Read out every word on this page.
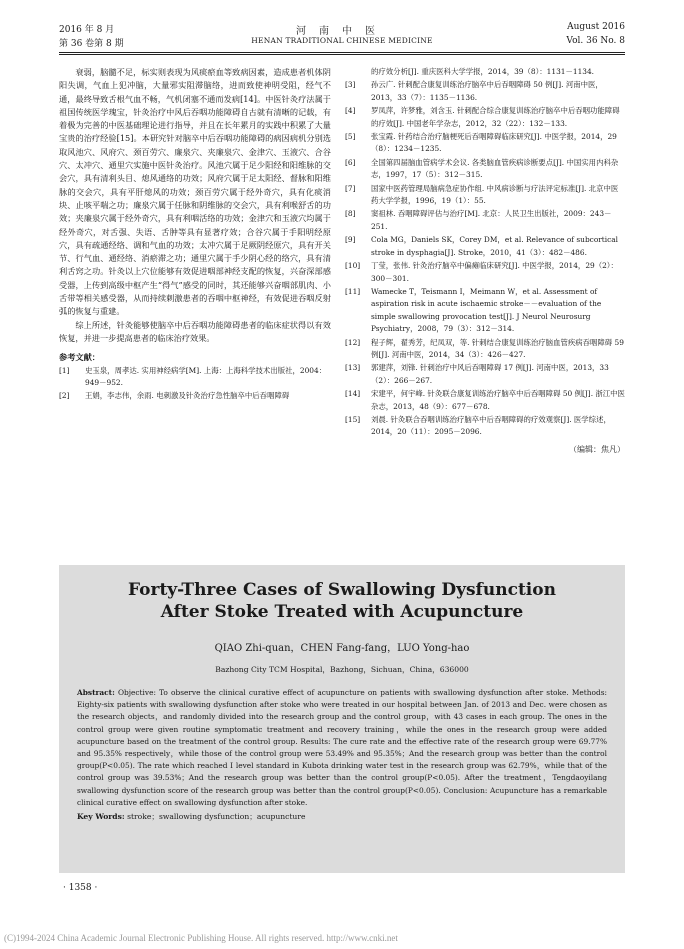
2016 年 8 月	河南中医	August 2016
第 36 卷第 8 期	HENAN TRADITIONAL CHINESE MEDICINE	Vol. 36 No. 8

衰弱，脑髓不足，标实则表现为风痰瘀血等致病因素，造成患者机体阴阳失调，气血上犯冲脑，大量邪实阻滞脑络，进而致使神明受阻，经气不通，最终导致舌根气血不畅，气机闭塞不通而发病[14]。中医针灸疗法属于祖国传统医学瑰宝，针灸治疗中风后吞咽功能障碍自古就有清晰的记载，有着极为完善的中医基础理论进行指导，并且在长年累月的实践中积累了大量宝贵的治疗经验[15]。本研究针对脑卒中后吞咽功能障碍的病因病机分别选取风池穴、风府穴、颈百劳穴、廉泉穴、夹廉泉穴、金津穴、玉液穴、合谷穴、太冲穴、通里穴实施中医针灸治疗。风池穴属于足少阳经和阳维脉的交会穴，具有清利头目、熄风通络的功效；风府穴属于足太阳经、督脉和阳维脉的交会穴，具有平肝熄风的功效；颈百劳穴属于经外奇穴，具有化痰消块、止咳平喘之功；廉泉穴属于任脉和阴维脉的交会穴，具有利喉舒舌的功效；夹廉泉穴属于经外奇穴，具有利咽活络的功效；金津穴和玉液穴均属于经外奇穴，对舌强、失语、舌肿等具有显著疗效；合谷穴属于手阳明经原穴，具有疏通经络、调和气血的功效；太冲穴属于足厥阴经原穴，具有开关节、行气血、通经络、消瘀滞之功；通里穴属于手少阴心经的络穴，具有清利舌窍之功。针灸以上穴位能够有效促进咽部神经支配的恢复，兴奋深部感受器，上传到高级中枢产生“得气”感受的同时，其还能够兴奋咽部肌肉、小舌带等相关感受器，从而持续刺激患者的吞咽中枢神经，有效促进吞咽反射弧的恢复与重建。

综上所述，针灸能够使脑卒中后吞咽功能障碍患者的临床症状得以有效恢复，并进一步提高患者的临床治疗效果。

参考文献：
[1]	史玉泉，周孝达. 实用神经病学[M]. 上海：上海科学技术出版社，2004：949－952.
[2]	王娟，李志伟，余雨. 电刺激及针灸治疗急性脑卒中后吞咽障碍
的疗效分析[J]. 重庆医科大学学报，2014，39（8）：1131－1134.
[3]	孙云广. 针刺配合康复训练治疗脑卒中后吞咽障碍 50 例[J]. 河南中医，2013，33（7）：1135－1136.
[4]	罗凤萍，许梦雅，刘含玉. 针刺配合综合康复训练治疗脑卒中后吞咽功能障碍的疗效[J]. 中国老年学杂志，2012，32（22）：132－133.
[5]	张宝霞. 针药结合治疗脑梗死后吞咽障碍临床研究[J]. 中医学报，2014，29（8）：1234－1235.
[6]	全国第四届脑血管病学术会议. 各类脑血管疾病诊断要点[J]. 中国实用内科杂志，1997，17（5）：312－315.
[7]	国家中医药管理局脑病急症协作组. 中风病诊断与疗法评定标准[J]. 北京中医药大学学报，1996，19（1）：55.
[8]	窦祖林. 吞咽障碍评估与治疗[M]. 北京：人民卫生出版社，2009：243－251.
[9]	Cola MG，Daniels SK，Corey DM，et al. Relevance of subcortical stroke in dysphagia[J]. Stroke，2010，41（3）：482－486.
[10]	丁莹，张伟. 针灸治疗脑卒中偏瘫临床研究[J]. 中医学报，2014，29（2）：300－301.
[11]	Wamecke T，Teismann I，Meimann W，et al. Assessment of aspiration risk in acute ischaemic stroke－－evaluation of the simple swallowing provocation test[J]. J Neurol Neurosurg Psychiatry，2008，79（3）：312－314.
[12]	程子辉，翟秀芳，纪凤双，等. 针刺结合康复训练治疗脑血管疾病吞咽障碍 59 例[J]. 河南中医，2014，34（3）：426－427.
[13]	郭建萍，刘锋. 针刺治疗中风后吞咽障碍 17 例[J]. 河南中医，2013，33（2）：266－267.
[14]	宋建平，何宇峰. 针灸联合康复训练治疗脑卒中后吞咽障碍 50 例[J]. 浙江中医杂志，2013，48（9）：677－678.
[15]	刘晨. 针灸联合吞咽训练治疗脑卒中后吞咽障碍的疗效观察[J]. 医学综述，2014，20（11）：2095－2096.
（编辑：焦凡）
Forty-Three Cases of Swallowing Dysfunction
After Stoke Treated with Acupuncture
QIAO Zhi-quan，CHEN Fang-fang，LUO Yong-hao
Bazhong City TCM Hospital，Bazhong，Sichuan，China，636000
Abstract: Objective: To observe the clinical curative effect of acupuncture on patients with swallowing dysfunction after stoke. Methods: Eighty-six patients with swallowing dysfunction after stoke who were treated in our hospital between Jan. of 2013 and Dec. were chosen as the research objects，and randomly divided into the research group and the control group，with 43 cases in each group. The ones in the control group were given routine symptomatic treatment and recovery training，while the ones in the research group were added acupuncture based on the treatment of the control group. Results: The cure rate and the effective rate of the research group were 69.77% and 95.35% respectively，while those of the control group were 53.49% and 95.35%；And the research group was better than the control group(P<0.05). The rate which reached Ⅰ level standard in Kubota drinking water test in the research group was 62.79%，while that of the control group was 39.53%；And the research group was better than the control group(P<0.05). After the treatment，Tengdaoyilang swallowing dysfunction score of the research group was better than the control group(P<0.05). Conclusion: Acupuncture has a remarkable clinical curative effect on swallowing dysfunction after stoke.
Key Words: stroke；swallowing dysfunction；acupuncture
· 1358 ·
(C)1994-2024 China Academic Journal Electronic Publishing House. All rights reserved. http://www.cnki.net
